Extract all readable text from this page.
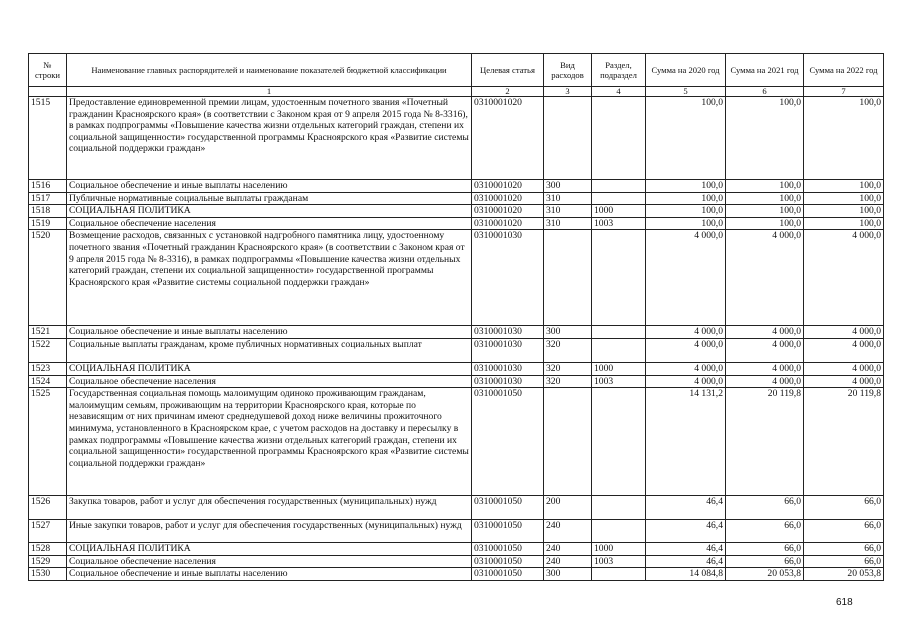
№ строки	Наименование главных распорядителей и наименование показателей бюджетной классификации	Целевая статья	Вид расходов	Раздел, подраздел	Сумма на 2020 год	Сумма на 2021 год	Сумма на 2022 год
	1	2	3	4	5	6	7
1515	Предоставление единовременной премии лицам, удостоенным почетного звания «Почетный гражданин Красноярского края» (в соответствии с Законом края от 9 апреля 2015 года № 8-3316), в рамках подпрограммы «Повышение качества жизни отдельных категорий граждан, степени их социальной защищенности» государственной программы Красноярского края «Развитие системы социальной поддержки граждан»	0310001020			100,0	100,0	100,0
1516	Социальное обеспечение и иные выплаты населению	0310001020	300		100,0	100,0	100,0
1517	Публичные нормативные социальные выплаты гражданам	0310001020	310		100,0	100,0	100,0
1518	СОЦИАЛЬНАЯ ПОЛИТИКА	0310001020	310	1000	100,0	100,0	100,0
1519	Социальное обеспечение населения	0310001020	310	1003	100,0	100,0	100,0
1520	Возмещение расходов, связанных с установкой надгробного памятника лицу, удостоенному почетного звания «Почетный гражданин Красноярского края» (в соответствии с Законом края от 9 апреля 2015 года № 8-3316), в рамках подпрограммы «Повышение качества жизни отдельных категорий граждан, степени их социальной защищенности» государственной программы Красноярского края «Развитие системы социальной поддержки граждан»	0310001030			4 000,0	4 000,0	4 000,0
1521	Социальное обеспечение и иные выплаты населению	0310001030	300		4 000,0	4 000,0	4 000,0
1522	Социальные выплаты гражданам, кроме публичных нормативных социальных выплат	0310001030	320		4 000,0	4 000,0	4 000,0
1523	СОЦИАЛЬНАЯ ПОЛИТИКА	0310001030	320	1000	4 000,0	4 000,0	4 000,0
1524	Социальное обеспечение населения	0310001030	320	1003	4 000,0	4 000,0	4 000,0
1525	Государственная социальная помощь малоимущим одиноко проживающим гражданам, малоимущим семьям, проживающим на территории Красноярского края, которые по независящим от них причинам имеют среднедушевой доход ниже величины прожиточного минимума, установленного в Красноярском крае, с учетом расходов на доставку и пересылку в рамках подпрограммы «Повышение качества жизни отдельных категорий граждан, степени их социальной защищенности» государственной программы Красноярского края «Развитие системы социальной поддержки граждан»	0310001050			14 131,2	20 119,8	20 119,8
1526	Закупка товаров, работ и услуг для обеспечения государственных (муниципальных) нужд	0310001050	200		46,4	66,0	66,0
1527	Иные закупки товаров, работ и услуг для обеспечения государственных (муниципальных) нужд	0310001050	240		46,4	66,0	66,0
1528	СОЦИАЛЬНАЯ ПОЛИТИКА	0310001050	240	1000	46,4	66,0	66,0
1529	Социальное обеспечение населения	0310001050	240	1003	46,4	66,0	66,0
1530	Социальное обеспечение и иные выплаты населению	0310001050	300		14 084,8	20 053,8	20 053,8
618
